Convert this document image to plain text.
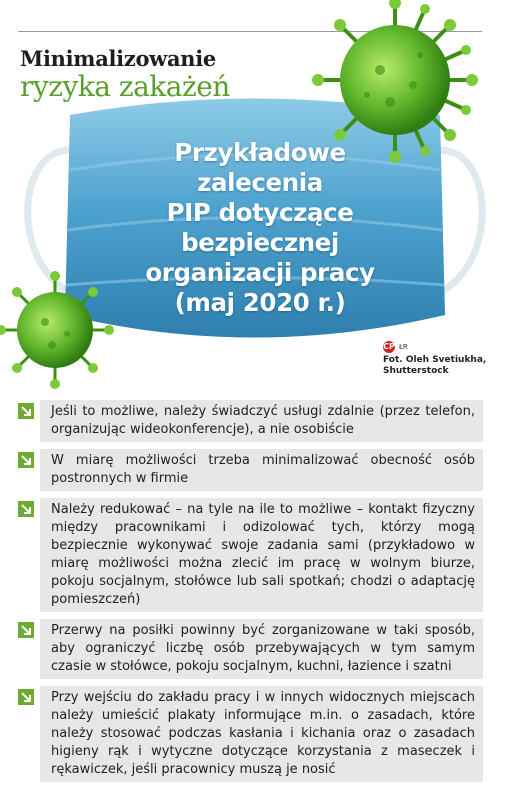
Minimalizowanie
ryzyka zakażeń
Przykładowe
zalecenia
PIP dotyczące
bezpiecznej
organizacji pracy
(maj 2020 r.)
CP ŁR
Fot. Oleh Svetiukha,
Shutterstock
Jeśli to możliwe, należy świadczyć usługi zdalnie (przez telefon, organizując wideokonferencje), a nie osobiście
W miarę możliwości trzeba minimalizować obecność osób postronnych w firmie
Należy redukować – na tyle na ile to możliwe – kontakt fizyczny między pracownikami i odizolować tych, którzy mogą bezpiecznie wykonywać swoje zadania sami (przykładowo w miarę możliwości można zlecić im pracę w wolnym biurze, pokoju socjalnym, stołówce lub sali spotkań; chodzi o adaptację pomieszczeń)
Przerwy na posiłki powinny być zorganizowane w taki sposób, aby ograniczyć liczbę osób przebywających w tym samym czasie w stołówce, pokoju socjalnym, kuchni, łazience i szatni
Przy wejściu do zakładu pracy i w innych widocznych miejscach należy umieścić plakaty informujące m.in. o zasadach, które należy stosować podczas kasłania i kichania oraz o zasadach higieny rąk i wytyczne dotyczące korzystania z maseczek i rękawiczek, jeśli pracownicy muszą je nosić
